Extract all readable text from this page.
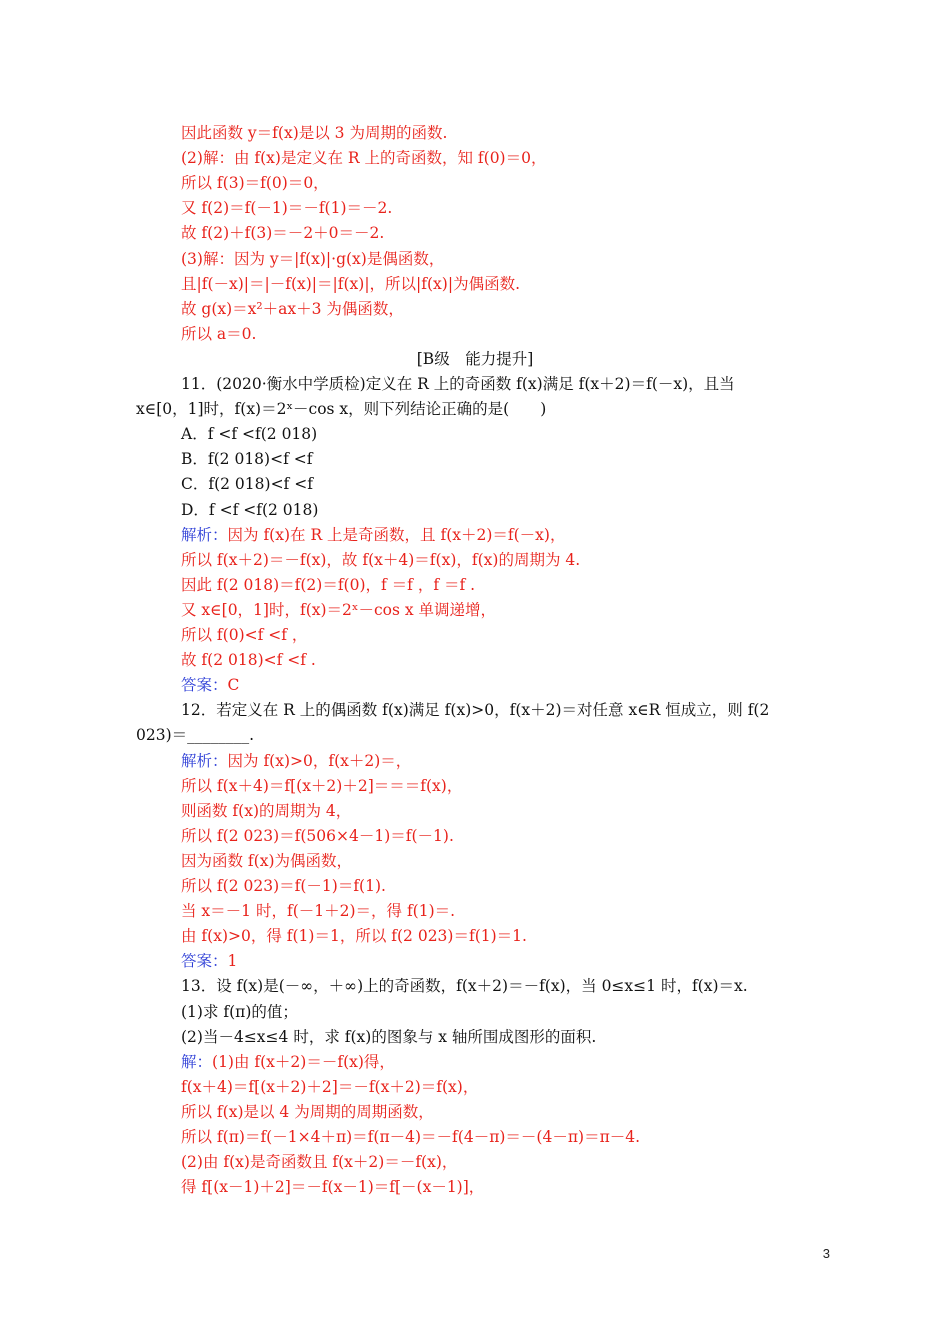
因此函数 y＝f(x)是以 3 为周期的函数.
(2)解：由 f(x)是定义在 R 上的奇函数，知 f(0)＝0，
所以 f(3)＝f(0)＝0，
又 f(2)＝f(－1)＝－f(1)＝－2.
故 f(2)＋f(3)＝－2＋0＝－2.
(3)解：因为 y＝|f(x)|·g(x)是偶函数，
且|f(－x)|＝|－f(x)|＝|f(x)|，所以|f(x)|为偶函数.
故 g(x)＝x²＋ax＋3 为偶函数，
所以 a＝0.
[B级　能力提升]
11．(2020·衡水中学质检)定义在 R 上的奇函数 f(x)满足 f(x＋2)＝f(－x)，且当
x∈[0，1]时，f(x)＝2ˣ－cos x，则下列结论正确的是(　　)
A．f <f <f(2 018)
B．f(2 018)<f <f
C．f(2 018)<f <f
D．f <f <f(2 018)
解析：因为 f(x)在 R 上是奇函数，且 f(x＋2)＝f(－x)，
所以 f(x＋2)＝－f(x)，故 f(x＋4)＝f(x)，f(x)的周期为 4.
因此 f(2 018)＝f(2)＝f(0)，f ＝f ，f ＝f .
又 x∈[0，1]时，f(x)＝2ˣ－cos x 单调递增，
所以 f(0)<f <f ，
故 f(2 018)<f <f .
答案：C
12．若定义在 R 上的偶函数 f(x)满足 f(x)>0，f(x＋2)＝对任意 x∈R 恒成立，则 f(2
023)＝________.
解析：因为 f(x)>0，f(x＋2)＝，
所以 f(x＋4)＝f[(x＋2)＋2]＝＝＝f(x)，
则函数 f(x)的周期为 4，
所以 f(2 023)＝f(506×4－1)＝f(－1).
因为函数 f(x)为偶函数，
所以 f(2 023)＝f(－1)＝f(1).
当 x＝－1 时，f(－1＋2)＝，得 f(1)＝.
由 f(x)>0，得 f(1)＝1，所以 f(2 023)＝f(1)＝1.
答案：1
13．设 f(x)是(－∞，＋∞)上的奇函数，f(x＋2)＝－f(x)，当 0≤x≤1 时，f(x)＝x.
(1)求 f(π)的值；
(2)当－4≤x≤4 时，求 f(x)的图象与 x 轴所围成图形的面积.
解：(1)由 f(x＋2)＝－f(x)得，
f(x＋4)＝f[(x＋2)＋2]＝－f(x＋2)＝f(x)，
所以 f(x)是以 4 为周期的周期函数，
所以 f(π)＝f(－1×4＋π)＝f(π－4)＝－f(4－π)＝－(4－π)＝π－4.
(2)由 f(x)是奇函数且 f(x＋2)＝－f(x)，
得 f[(x－1)＋2]＝－f(x－1)＝f[－(x－1)]，
3
